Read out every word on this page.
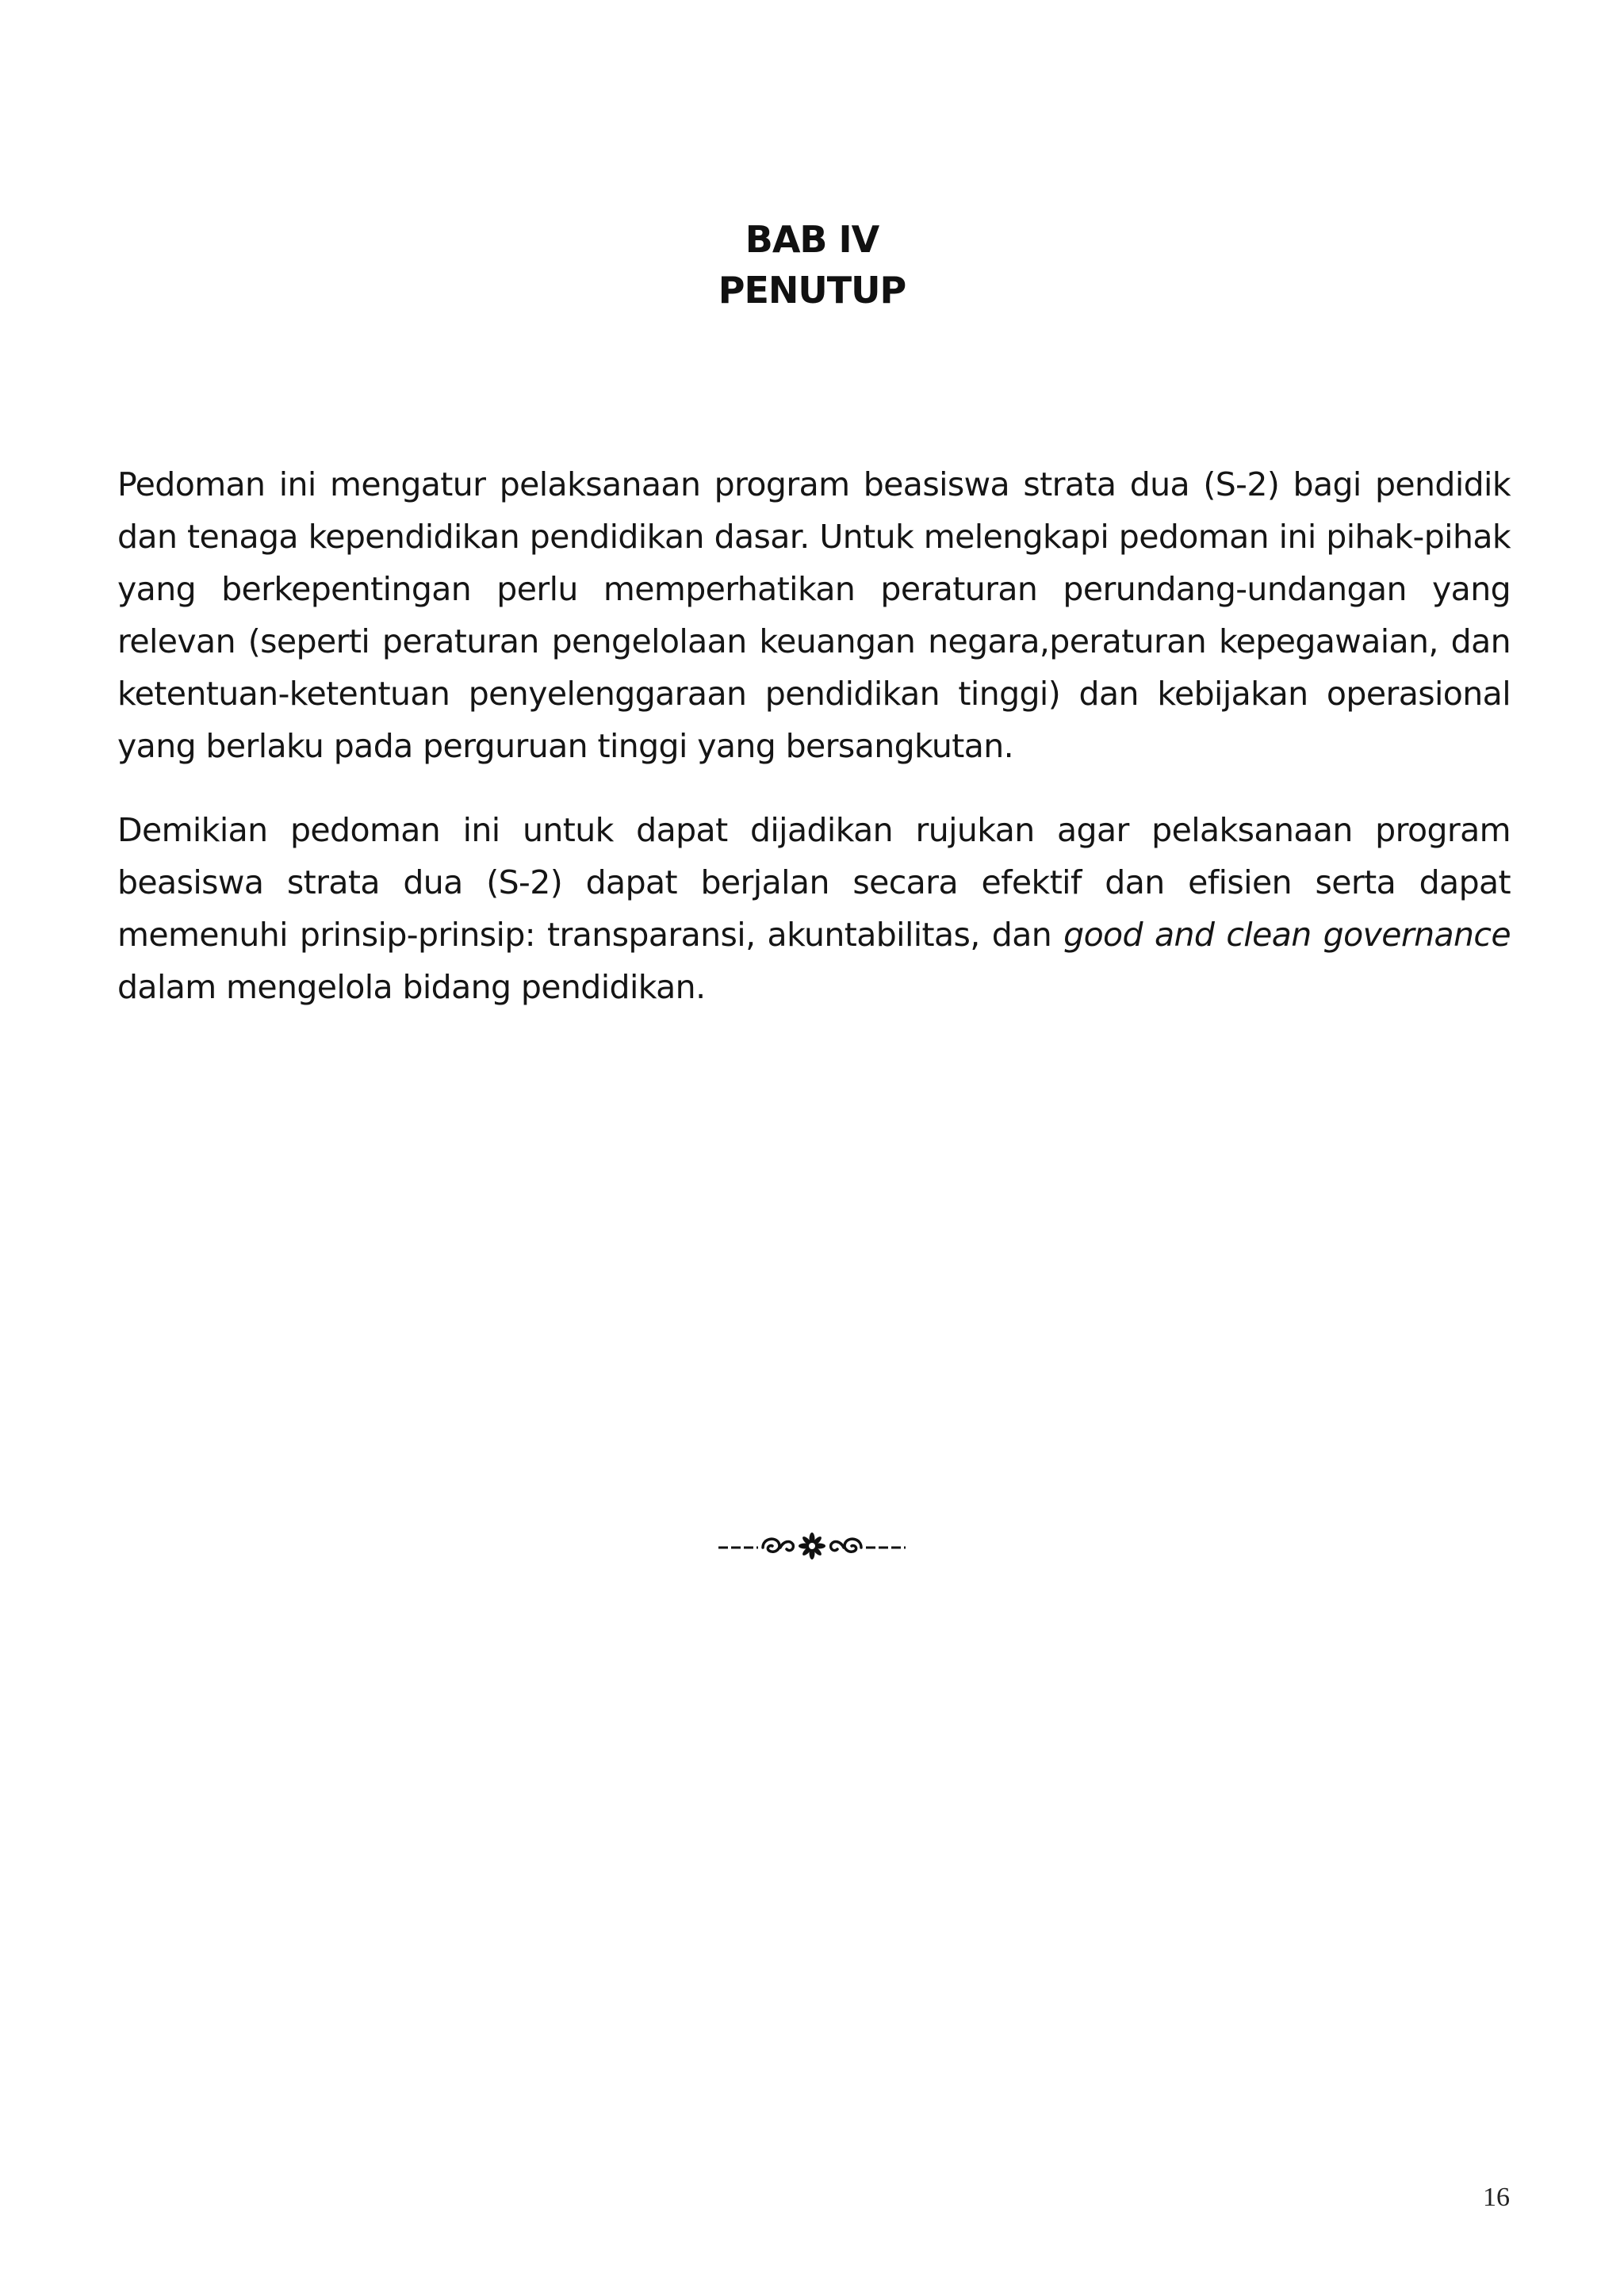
BAB IV
PENUTUP

Pedoman ini mengatur pelaksanaan program beasiswa strata dua (S-2) bagi pendidik dan tenaga kependidikan pendidikan dasar. Untuk melengkapi pedoman ini pihak-pihak yang berkepentingan perlu memperhatikan peraturan perundang-undangan yang relevan (seperti peraturan pengelolaan keuangan negara,peraturan kepegawaian, dan ketentuan-ketentuan penyelenggaraan pendidikan tinggi) dan kebijakan operasional yang berlaku pada perguruan tinggi yang bersangkutan.

Demikian pedoman ini untuk dapat dijadikan rujukan agar pelaksanaan program beasiswa strata dua (S-2) dapat berjalan secara efektif dan efisien serta dapat memenuhi prinsip-prinsip: transparansi, akuntabilitas, dan good and clean governance dalam mengelola bidang pendidikan.

16
